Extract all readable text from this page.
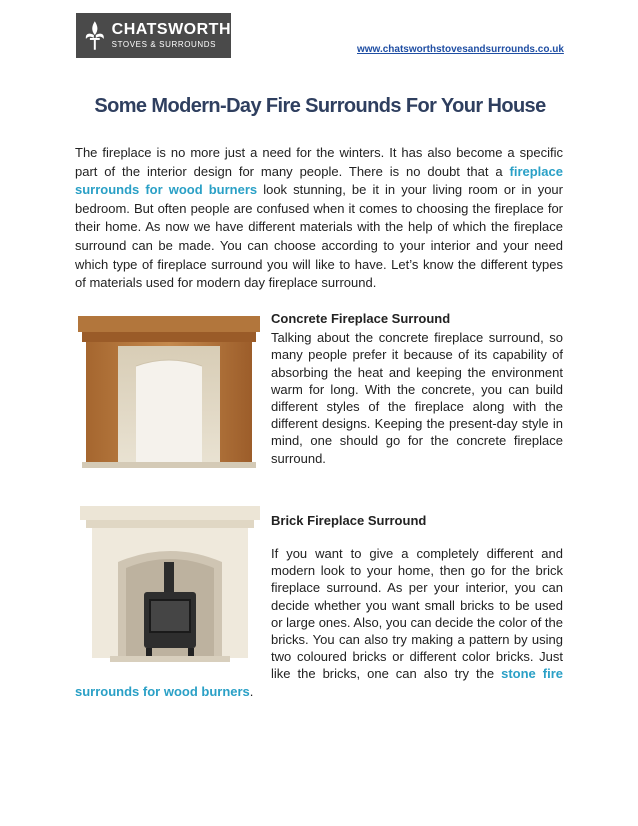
CHATSWORTH
STOVES & SURROUNDS	www.chatsworthstovesandsurrounds.co.uk
Some Modern-Day Fire Surrounds For Your House

The fireplace is no more just a need for the winters. It has also become a specific part of the interior design for many people. There is no doubt that a fireplace surrounds for wood burners look stunning, be it in your living room or in your bedroom. But often people are confused when it comes to choosing the fireplace for their home. As now we have different materials with the help of which the fireplace surround can be made. You can choose according to your interior and your need which type of fireplace surround you will like to have. Let’s know the different types of materials used for modern day fireplace surround.

Concrete Fireplace Surround

Talking about the concrete fireplace surround, so many people prefer it because of its capability of absorbing the heat and keeping the environment warm for long. With the concrete, you can build different styles of the fireplace along with the different designs. Keeping the present-day style in mind, one should go for the concrete fireplace surround.

Brick Fireplace Surround

If you want to give a completely different and modern look to your home, then go for the brick fireplace surround. As per your interior, you can decide whether you want small bricks to be used or large ones. Also, you can decide the color of the bricks. You can also try making a pattern by using two coloured bricks or different color bricks. Just like the bricks, one can also try the stone fire surrounds for wood burners.
